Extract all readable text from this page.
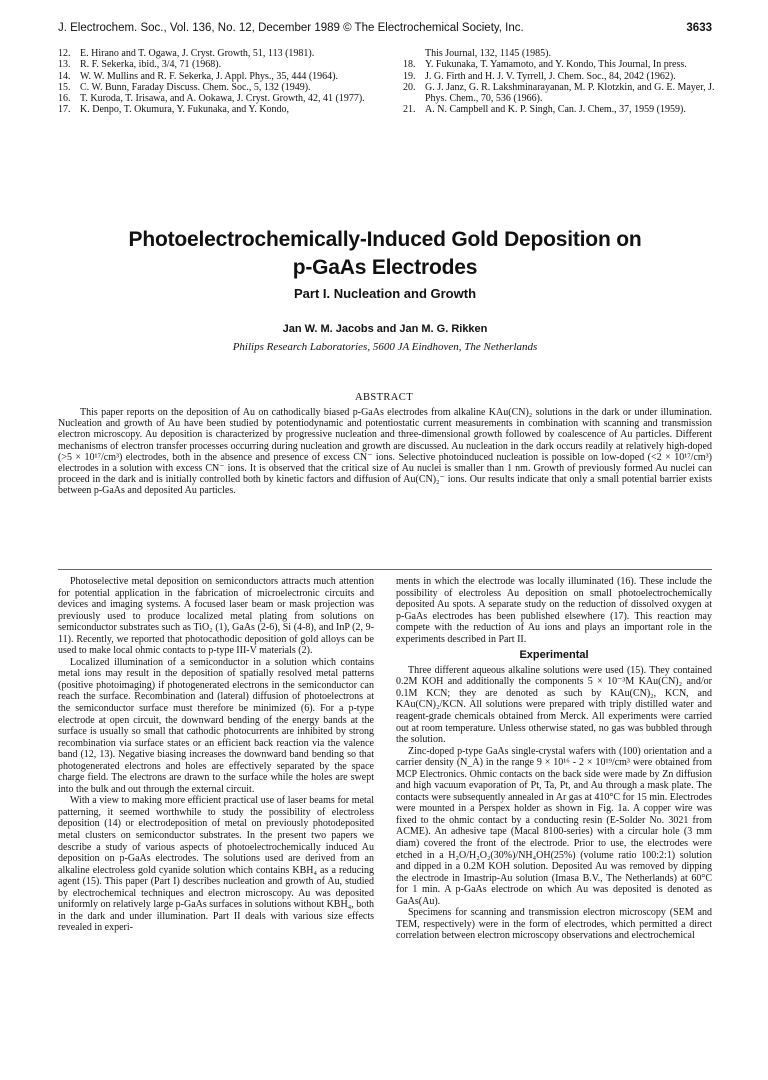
J. Electrochem. Soc., Vol. 136, No. 12, December 1989 © The Electrochemical Society, Inc.	3633

12. E. Hirano and T. Ogawa, J. Cryst. Growth, 51, 113 (1981).

13. R. F. Sekerka, ibid., 3/4, 71 (1968).

14. W. W. Mullins and R. F. Sekerka, J. Appl. Phys., 35, 444 (1964).

15. C. W. Bunn, Faraday Discuss. Chem. Soc., 5, 132 (1949).

16. T. Kuroda, T. Irisawa, and A. Ookawa, J. Cryst. Growth, 42, 41 (1977).

17. K. Denpo, T. Okumura, Y. Fukunaka, and Y. Kondo,

This Journal, 132, 1145 (1985).

18. Y. Fukunaka, T. Yamamoto, and Y. Kondo, This Journal, In press.

19. J. G. Firth and H. J. V. Tyrrell, J. Chem. Soc., 84, 2042 (1962).

20. G. J. Janz, G. R. Lakshminarayanan, M. P. Klotzkin, and G. E. Mayer, J. Phys. Chem., 70, 536 (1966).

21. A. N. Campbell and K. P. Singh, Can. J. Chem., 37, 1959 (1959).

Photoelectrochemically-Induced Gold Deposition on
p-GaAs Electrodes

Part I. Nucleation and Growth

Jan W. M. Jacobs and Jan M. G. Rikken

Philips Research Laboratories, 5600 JA Eindhoven, The Netherlands

ABSTRACT

This paper reports on the deposition of Au on cathodically biased p-GaAs electrodes from alkaline KAu(CN)₂ solutions in the dark or under illumination. Nucleation and growth of Au have been studied by potentiodynamic and potentiostatic current measurements in combination with scanning and transmission electron microscopy. Au deposition is characterized by progressive nucleation and three-dimensional growth followed by coalescence of Au particles. Different mechanisms of electron transfer processes occurring during nucleation and growth are discussed. Au nucleation in the dark occurs readily at relatively high-doped (>5 × 10¹⁷/cm³) electrodes, both in the absence and presence of excess CN⁻ ions. Selective photoinduced nucleation is possible on low-doped (<2 × 10¹⁷/cm³) electrodes in a solution with excess CN⁻ ions. It is observed that the critical size of Au nuclei is smaller than 1 nm. Growth of previously formed Au nuclei can proceed in the dark and is initially controlled both by kinetic factors and diffusion of Au(CN)₂⁻ ions. Our results indicate that only a small potential barrier exists between p-GaAs and deposited Au particles.

Photoselective metal deposition on semiconductors attracts much attention for potential application in the fabrication of microelectronic circuits and devices and imaging systems. A focused laser beam or mask projection was previously used to produce localized metal plating from solutions on semiconductor substrates such as TiO₂ (1), GaAs (2-6), Si (4-8), and InP (2, 9-11). Recently, we reported that photocathodic deposition of gold alloys can be used to make local ohmic contacts to p-type III-V materials (2).

Localized illumination of a semiconductor in a solution which contains metal ions may result in the deposition of spatially resolved metal patterns (positive photoimaging) if photogenerated electrons in the semiconductor can reach the surface. Recombination and (lateral) diffusion of photoelectrons at the semiconductor surface must therefore be minimized (6). For a p-type electrode at open circuit, the downward bending of the energy bands at the surface is usually so small that cathodic photocurrents are inhibited by strong recombination via surface states or an efficient back reaction via the valence band (12, 13). Negative biasing increases the downward band bending so that photogenerated electrons and holes are effectively separated by the space charge field. The electrons are drawn to the surface while the holes are swept into the bulk and out through the external circuit.

With a view to making more efficient practical use of laser beams for metal patterning, it seemed worthwhile to study the possibility of electroless deposition (14) or electrodeposition of metal on previously photodeposited metal clusters on semiconductor substrates. In the present two papers we describe a study of various aspects of photoelectrochemically induced Au deposition on p-GaAs electrodes. The solutions used are derived from an alkaline electroless gold cyanide solution which contains KBH₄ as a reducing agent (15). This paper (Part I) describes nucleation and growth of Au, studied by electrochemical techniques and electron microscopy. Au was deposited uniformly on relatively large p-GaAs surfaces in solutions without KBH₄, both in the dark and under illumination. Part II deals with various size effects revealed in experi-

ments in which the electrode was locally illuminated (16). These include the possibility of electroless Au deposition on small photoelectrochemically deposited Au spots. A separate study on the reduction of dissolved oxygen at p-GaAs electrodes has been published elsewhere (17). This reaction may compete with the reduction of Au ions and plays an important role in the experiments described in Part II.

Experimental

Three different aqueous alkaline solutions were used (15). They contained 0.2M KOH and additionally the components 5 × 10⁻³M KAu(CN)₂ and/or 0.1M KCN; they are denoted as such by KAu(CN)₂, KCN, and KAu(CN)₂/KCN. All solutions were prepared with triply distilled water and reagent-grade chemicals obtained from Merck. All experiments were carried out at room temperature. Unless otherwise stated, no gas was bubbled through the solution.

Zinc-doped p-type GaAs single-crystal wafers with (100) orientation and a carrier density (N_A) in the range 9 × 10¹⁶ - 2 × 10¹⁹/cm³ were obtained from MCP Electronics. Ohmic contacts on the back side were made by Zn diffusion and high vacuum evaporation of Pt, Ta, Pt, and Au through a mask plate. The contacts were subsequently annealed in Ar gas at 410°C for 15 min. Electrodes were mounted in a Perspex holder as shown in Fig. 1a. A copper wire was fixed to the ohmic contact by a conducting resin (E-Solder No. 3021 from ACME). An adhesive tape (Macal 8100-series) with a circular hole (3 mm diam) covered the front of the electrode. Prior to use, the electrodes were etched in a H₂O/H₂O₂(30%)/NH₄OH(25%) (volume ratio 100:2:1) solution and dipped in a 0.2M KOH solution. Deposited Au was removed by dipping the electrode in Imastrip-Au solution (Imasa B.V., The Netherlands) at 60°C for 1 min. A p-GaAs electrode on which Au was deposited is denoted as GaAs(Au).

Specimens for scanning and transmission electron microscopy (SEM and TEM, respectively) were in the form of electrodes, which permitted a direct correlation between electron microscopy observations and electrochemical
